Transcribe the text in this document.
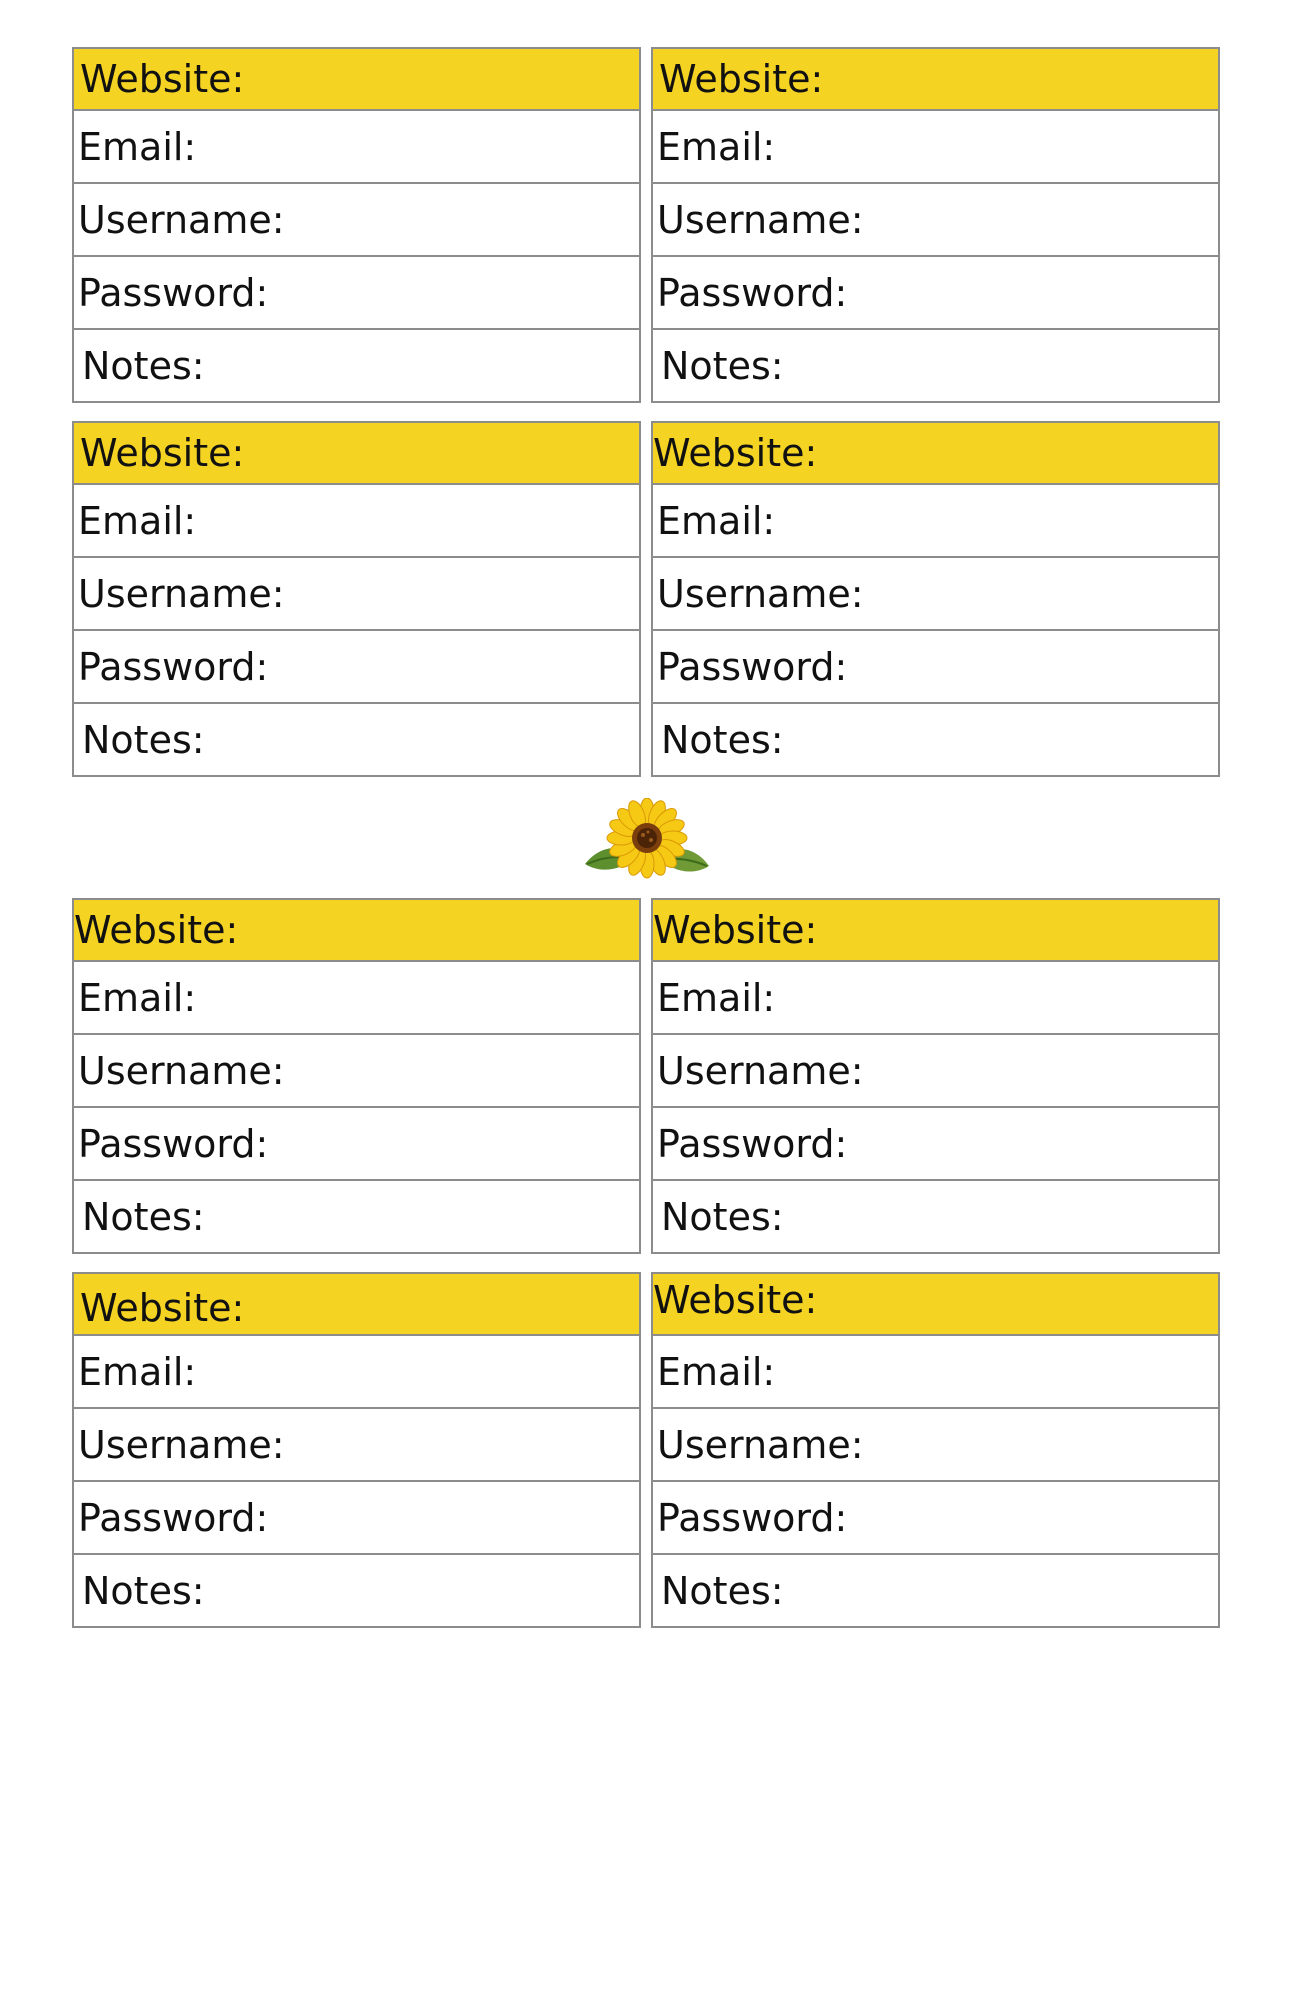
Website:
Email:
Username:
Password:
Notes:
Website:
Email:
Username:
Password:
Notes:
Website:
Email:
Username:
Password:
Notes:
Website:
Email:
Username:
Password:
Notes:
Website:
Email:
Username:
Password:
Notes:
Website:
Email:
Username:
Password:
Notes:
Website:
Email:
Username:
Password:
Notes:
Website:
Email:
Username:
Password:
Notes:
